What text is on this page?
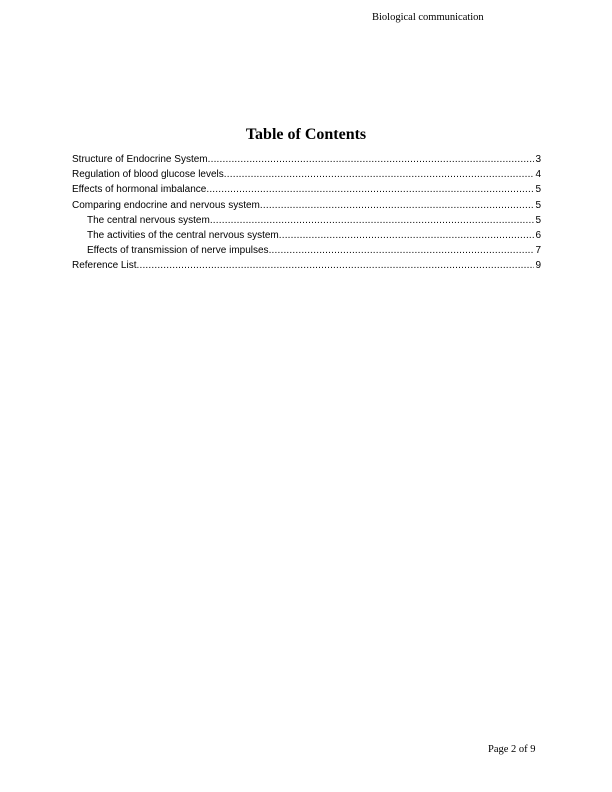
Biological communication
Table of Contents
Structure of Endocrine System .....	3
Regulation of blood glucose levels .....	4
Effects of hormonal imbalance .....	5
Comparing endocrine and nervous system .....	5
The central nervous system .....	5
The activities of the central nervous system .....	6
Effects of transmission of nerve impulses .....	7
Reference List .....	9
Page 2 of 9
